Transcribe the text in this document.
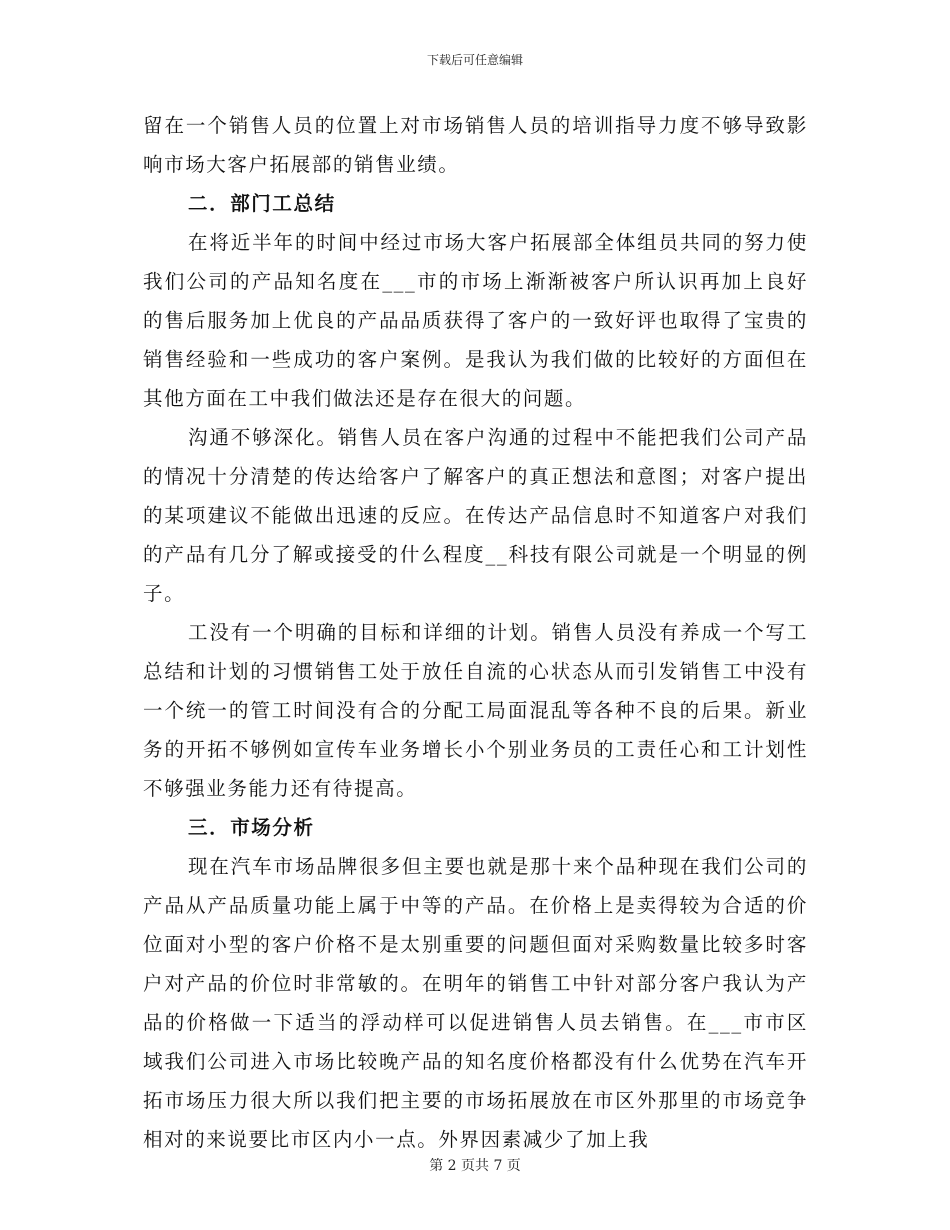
下载后可任意编辑

留在一个销售人员的位置上对市场销售人员的培训指导力度不够导致影响市场大客户拓展部的销售业绩。

二．部门工总结

在将近半年的时间中经过市场大客户拓展部全体组员共同的努力使我们公司的产品知名度在___市的市场上渐渐被客户所认识再加上良好的售后服务加上优良的产品品质获得了客户的一致好评也取得了宝贵的销售经验和一些成功的客户案例。是我认为我们做的比较好的方面但在其他方面在工中我们做法还是存在很大的问题。

沟通不够深化。销售人员在客户沟通的过程中不能把我们公司产品的情况十分清楚的传达给客户了解客户的真正想法和意图；对客户提出的某项建议不能做出迅速的反应。在传达产品信息时不知道客户对我们的产品有几分了解或接受的什么程度__科技有限公司就是一个明显的例子。

工没有一个明确的目标和详细的计划。销售人员没有养成一个写工总结和计划的习惯销售工处于放任自流的心状态从而引发销售工中没有一个统一的管工时间没有合的分配工局面混乱等各种不良的后果。新业务的开拓不够例如宣传车业务增长小个别业务员的工责任心和工计划性不够强业务能力还有待提高。

三．市场分析

现在汽车市场品牌很多但主要也就是那十来个品种现在我们公司的产品从产品质量功能上属于中等的产品。在价格上是卖得较为合适的价位面对小型的客户价格不是太别重要的问题但面对采购数量比较多时客户对产品的价位时非常敏的。在明年的销售工中针对部分客户我认为产品的价格做一下适当的浮动样可以促进销售人员去销售。在___市市区域我们公司进入市场比较晚产品的知名度价格都没有什么优势在汽车开拓市场压力很大所以我们把主要的市场拓展放在市区外那里的市场竞争相对的来说要比市区内小一点。外界因素减少了加上我

第 2 页共 7 页
